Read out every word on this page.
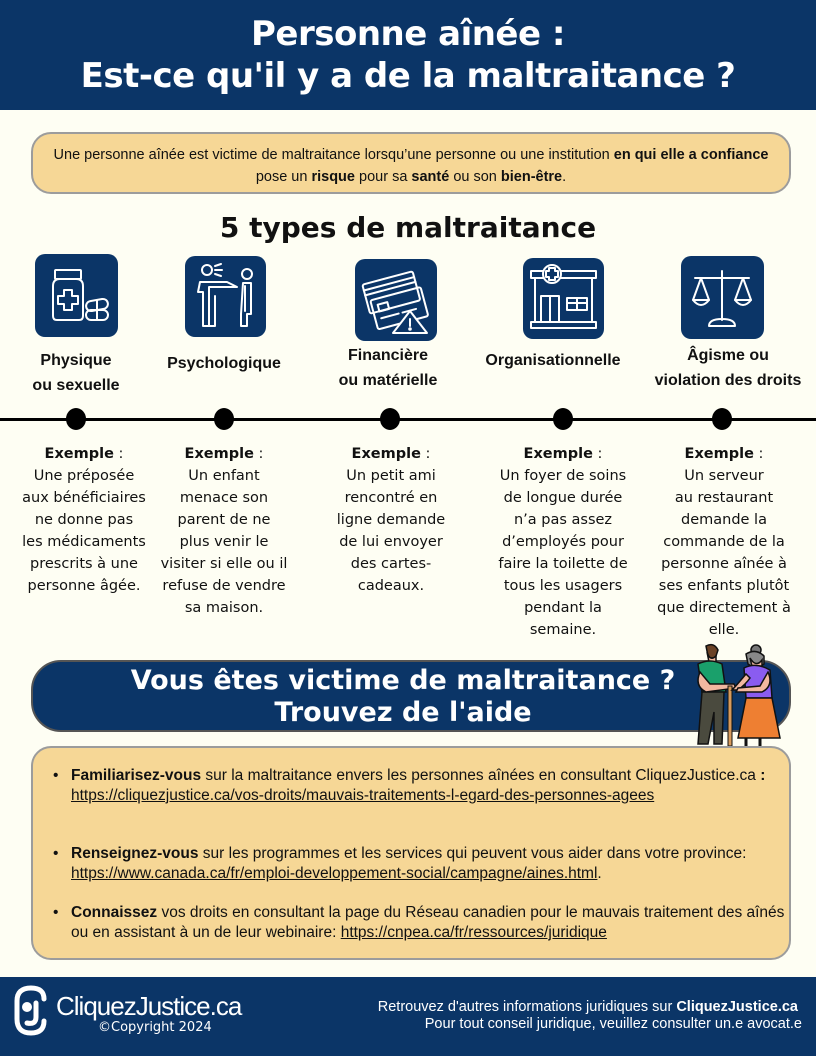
Personne aînée :
Est-ce qu'il y a de la maltraitance ?
Une personne aînée est victime de maltraitance lorsqu’une personne ou une institution en qui elle a confiance pose un risque pour sa santé ou son bien-être.
5 types de maltraitance
Physique
ou sexuelle
Psychologique	Financière
ou matérielle
Organisationnelle	Âgisme ou
violation des droits
Exemple :
Une préposée
aux bénéficiaires
ne donne pas
les médicaments
prescrits à une
personne âgée.
Exemple :
Un enfant
menace son
parent de ne
plus venir le
visiter si elle ou il
refuse de vendre
sa maison.
Exemple :
Un petit ami
rencontré en
ligne demande
de lui envoyer
des cartes-
cadeaux.
Exemple :
Un foyer de soins
de longue durée
n’a pas assez
d’employés pour
faire la toilette de
tous les usagers
pendant la
semaine.
Exemple :
Un serveur
au restaurant
demande la
commande de la
personne aînée à
ses enfants plutôt
que directement à
elle.
Vous êtes victime de maltraitance ?
Trouvez de l'aide
• Familiarisez-vous sur la maltraitance envers les personnes aînées en consultant CliquezJustice.ca : https://cliquezjustice.ca/vos-droits/mauvais-traitements-l-egard-des-personnes-agees
• Renseignez-vous sur les programmes et les services qui peuvent vous aider dans votre province: https://www.canada.ca/fr/emploi-developpement-social/campagne/aines.html.
• Connaissez vos droits en consultant la page du Réseau canadien pour le mauvais traitement des aînés ou en assistant à un de leur webinaire: https://cnpea.ca/fr/ressources/juridique
CliquezJustice.ca
©Copyright 2024
Retrouvez d'autres informations juridiques sur CliquezJustice.ca
Pour tout conseil juridique, veuillez consulter un.e avocat.e
